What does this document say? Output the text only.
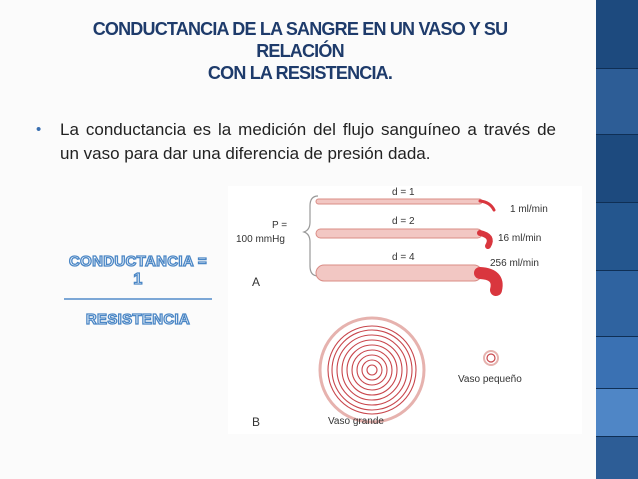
CONDUCTANCIA DE LA SANGRE EN UN VASO Y SU
RELACIÓN
CON LA RESISTENCIA.
• La conductancia es la medición del flujo sanguíneo a través de un vaso para dar una diferencia de presión dada.
CONDUCTANCIA =
1
RESISTENCIA
P =
100 mmHg
d = 1
1 ml/min
d = 2
16 ml/min
d = 4
256 ml/min
A
Vaso grande
Vaso pequeño
B
